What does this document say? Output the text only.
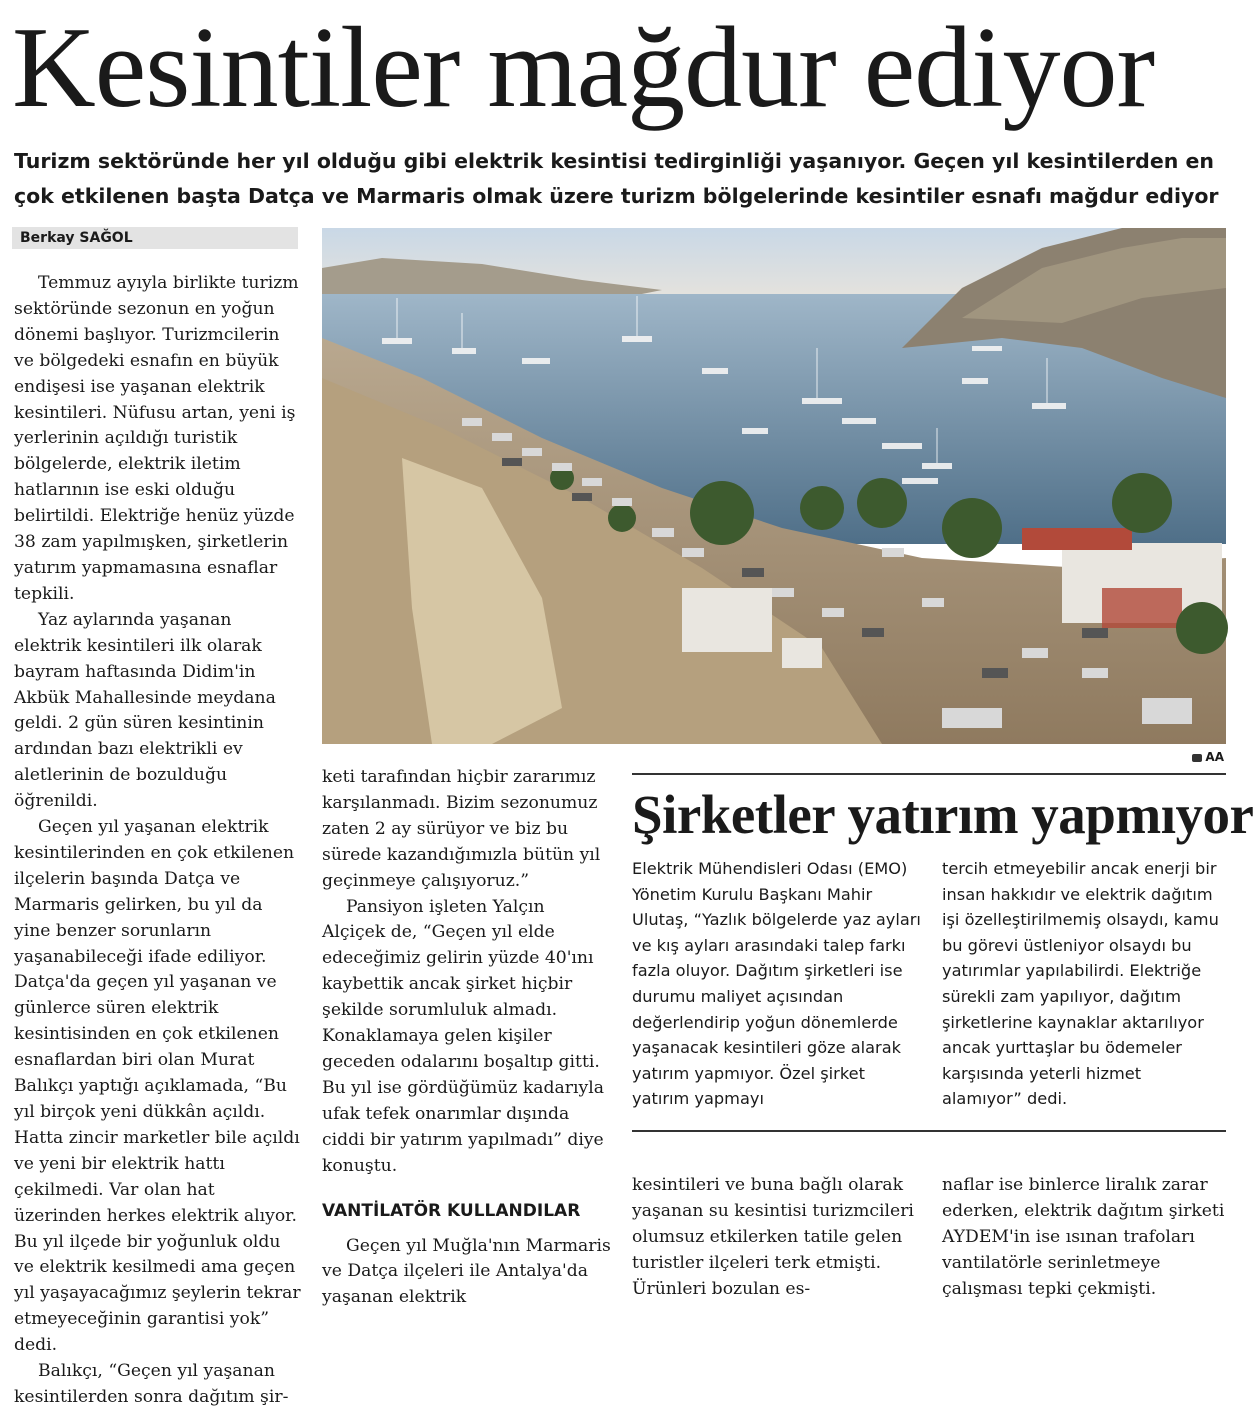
Kesintiler mağdur ediyor
Turizm sektöründe her yıl olduğu gibi elektrik kesintisi tedirginliği yaşanıyor. Geçen yıl kesintilerden en çok etkilenen başta Datça ve Marmaris olmak üzere turizm bölgelerinde kesintiler esnafı mağdur ediyor
Berkay SAĞOL

Temmuz ayıyla birlikte turizm sektöründe sezonun en yoğun dönemi başlıyor. Turizmcilerin ve bölgedeki esnafın en büyük endişesi ise yaşanan elektrik kesintileri. Nüfusu artan, yeni iş yerlerinin açıldığı turistik bölgelerde, elektrik iletim hatlarının ise eski olduğu belirtildi. Elektriğe henüz yüzde 38 zam yapılmışken, şirketlerin yatırım yapmamasına esnaflar tepkili.

Yaz aylarında yaşanan elektrik kesintileri ilk olarak bayram haftasında Didim'in Akbük Mahallesinde meydana geldi. 2 gün süren kesintinin ardından bazı elektrikli ev aletlerinin de bozulduğu öğrenildi.

Geçen yıl yaşanan elektrik kesintilerinden en çok etkilenen ilçelerin başında Datça ve Marmaris gelirken, bu yıl da yine benzer sorunların yaşanabileceği ifade ediliyor. Datça'da geçen yıl yaşanan ve günlerce süren elektrik kesintisinden en çok etkilenen esnaflardan biri olan Murat Balıkçı yaptığı açıklamada, “Bu yıl birçok yeni dükkân açıldı. Hatta zincir marketler bile açıldı ve yeni bir elektrik hattı çekilmedi. Var olan hat üzerinden herkes elektrik alıyor. Bu yıl ilçede bir yoğunluk oldu ve elektrik kesilmedi ama geçen yıl yaşayacağımız şeylerin tekrar etmeyeceğinin garantisi yok” dedi.

Balıkçı, “Geçen yıl yaşanan kesintilerden sonra dağıtım şir-

AA

keti tarafından hiçbir zararımız karşılanmadı. Bizim sezonumuz zaten 2 ay sürüyor ve biz bu sürede kazandığımızla bütün yıl geçinmeye çalışıyoruz.”

Pansiyon işleten Yalçın Alçiçek de, “Geçen yıl elde edeceğimiz gelirin yüzde 40'ını kaybettik ancak şirket hiçbir şekilde sorumluluk almadı. Konaklamaya gelen kişiler geceden odalarını boşaltıp gitti. Bu yıl ise gördüğümüz kadarıyla ufak tefek onarımlar dışında ciddi bir yatırım yapılmadı” diye konuştu.

VANTİLATÖR KULLANDILAR

Geçen yıl Muğla'nın Marmaris ve Datça ilçeleri ile Antalya'da yaşanan elektrik

Şirketler yatırım yapmıyor
Elektrik Mühendisleri Odası (EMO) Yönetim Kurulu Başkanı Mahir Ulutaş, “Yazlık bölgelerde yaz ayları ve kış ayları arasındaki talep farkı fazla oluyor. Dağıtım şirketleri ise durumu maliyet açısından değerlendirip yoğun dönemlerde yaşanacak kesintileri göze alarak yatırım yapmıyor. Özel şirket yatırım yapmayı
tercih etmeyebilir ancak enerji bir insan hakkıdır ve elektrik dağıtım işi özelleştirilmemiş olsaydı, kamu bu görevi üstleniyor olsaydı bu yatırımlar yapılabilirdi. Elektriğe sürekli zam yapılıyor, dağıtım şirketlerine kaynaklar aktarılıyor ancak yurttaşlar bu ödemeler karşısında yeterli hizmet alamıyor” dedi.
kesintileri ve buna bağlı olarak yaşanan su kesintisi turizmcileri olumsuz etkilerken tatile gelen turistler ilçeleri terk etmişti. Ürünleri bozulan es-
naflar ise binlerce liralık zarar ederken, elektrik dağıtım şirketi AYDEM'in ise ısınan trafoları vantilatörle serinletmeye çalışması tepki çekmişti.
